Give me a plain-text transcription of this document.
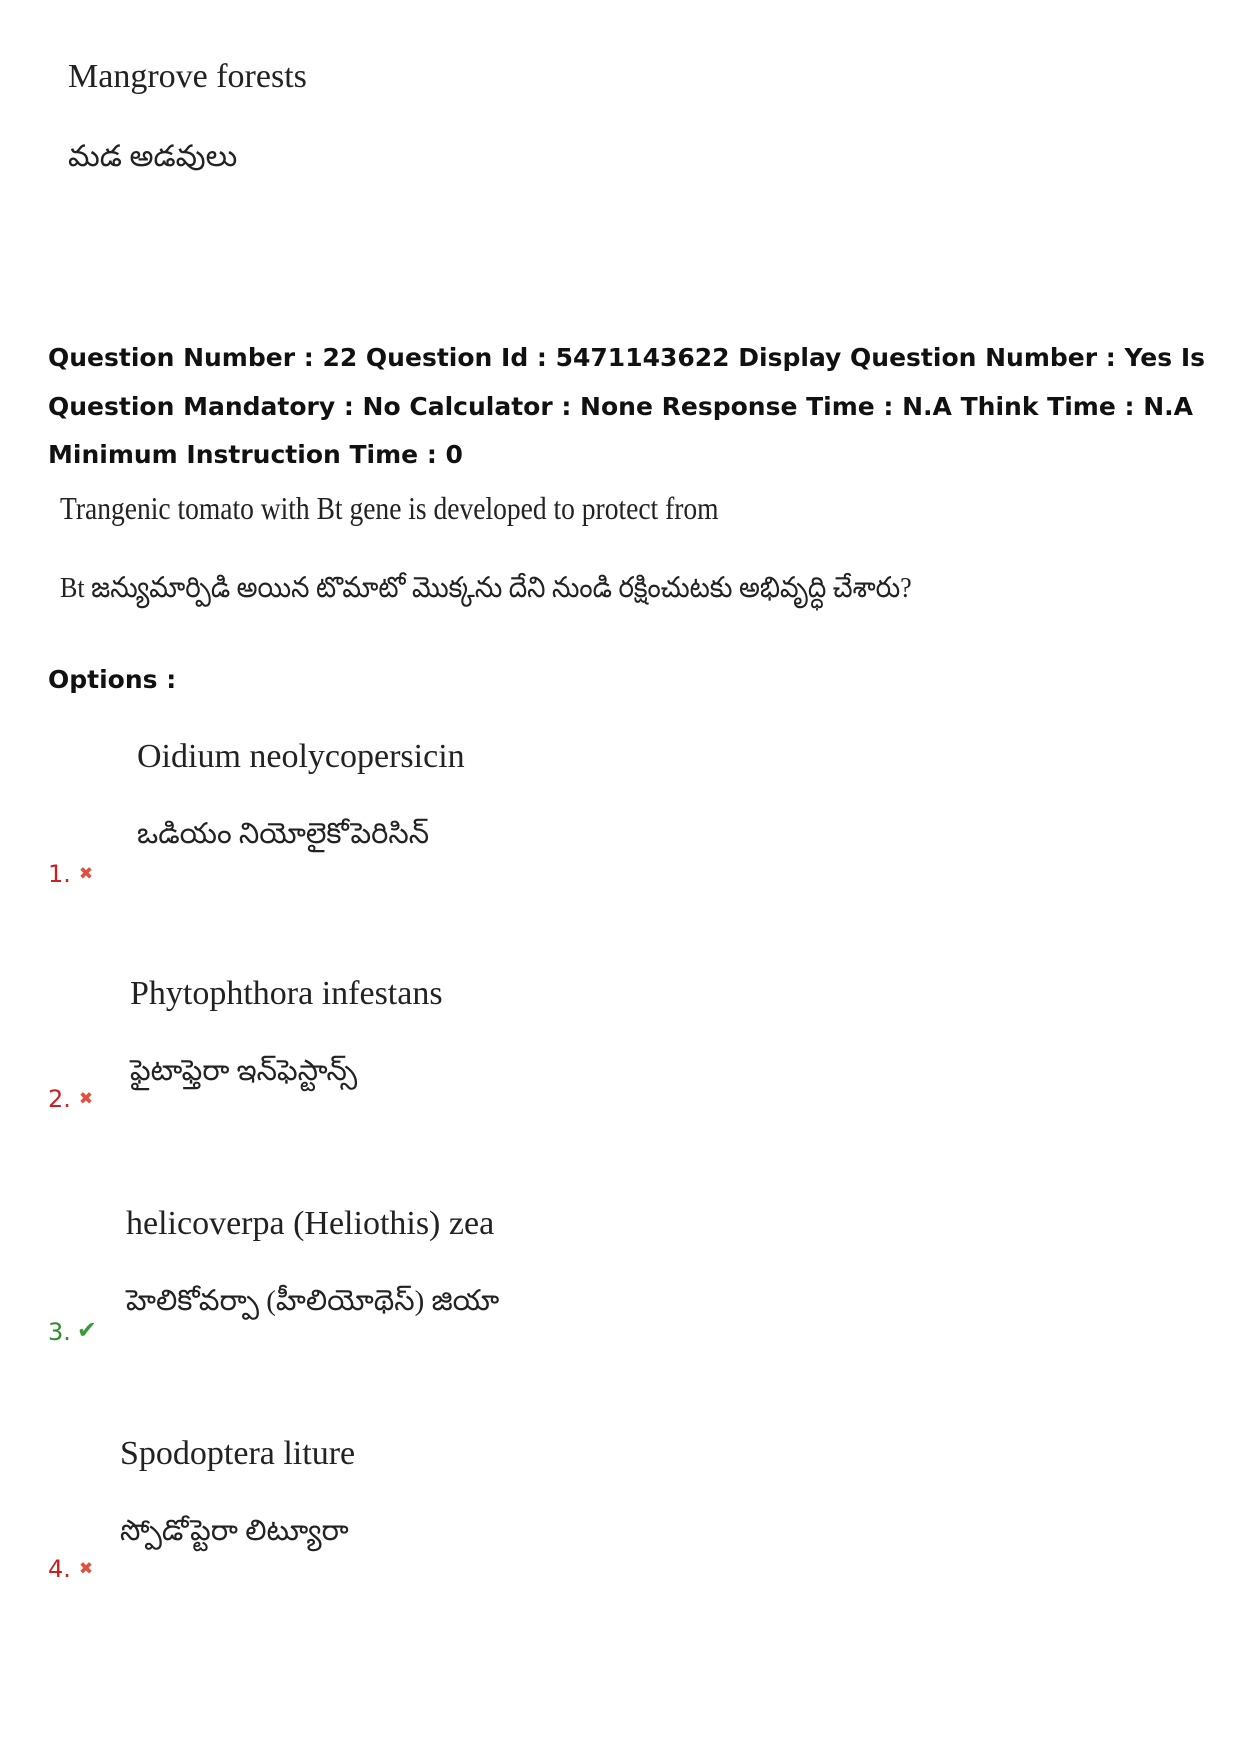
Mangrove forests
మడ అడవులు
Question Number : 22 Question Id : 5471143622 Display Question Number : Yes Is Question Mandatory : No Calculator : None Response Time : N.A Think Time : N.A Minimum Instruction Time : 0
Trangenic tomato with Bt gene is developed to protect from
Bt జన్యుమార్పిడి అయిన టొమాటో మొక్కను దేని నుండి రక్షించుటకు అభివృద్ధి చేశారు?
Options :
Oidium neolycopersicin
ఒడియం నియోలైకోపెరిసిన్
1. ✖
Phytophthora infestans
ఫైటాఫ్తెరా ఇన్‌ఫెస్టాన్స్
2. ✖
helicoverpa (Heliothis) zea
హెలికోవర్పా (హీలియోథెస్) జియా
3. ✔
Spodoptera liture
స్పోడోప్టెరా లిట్యూరా
4. ✖
